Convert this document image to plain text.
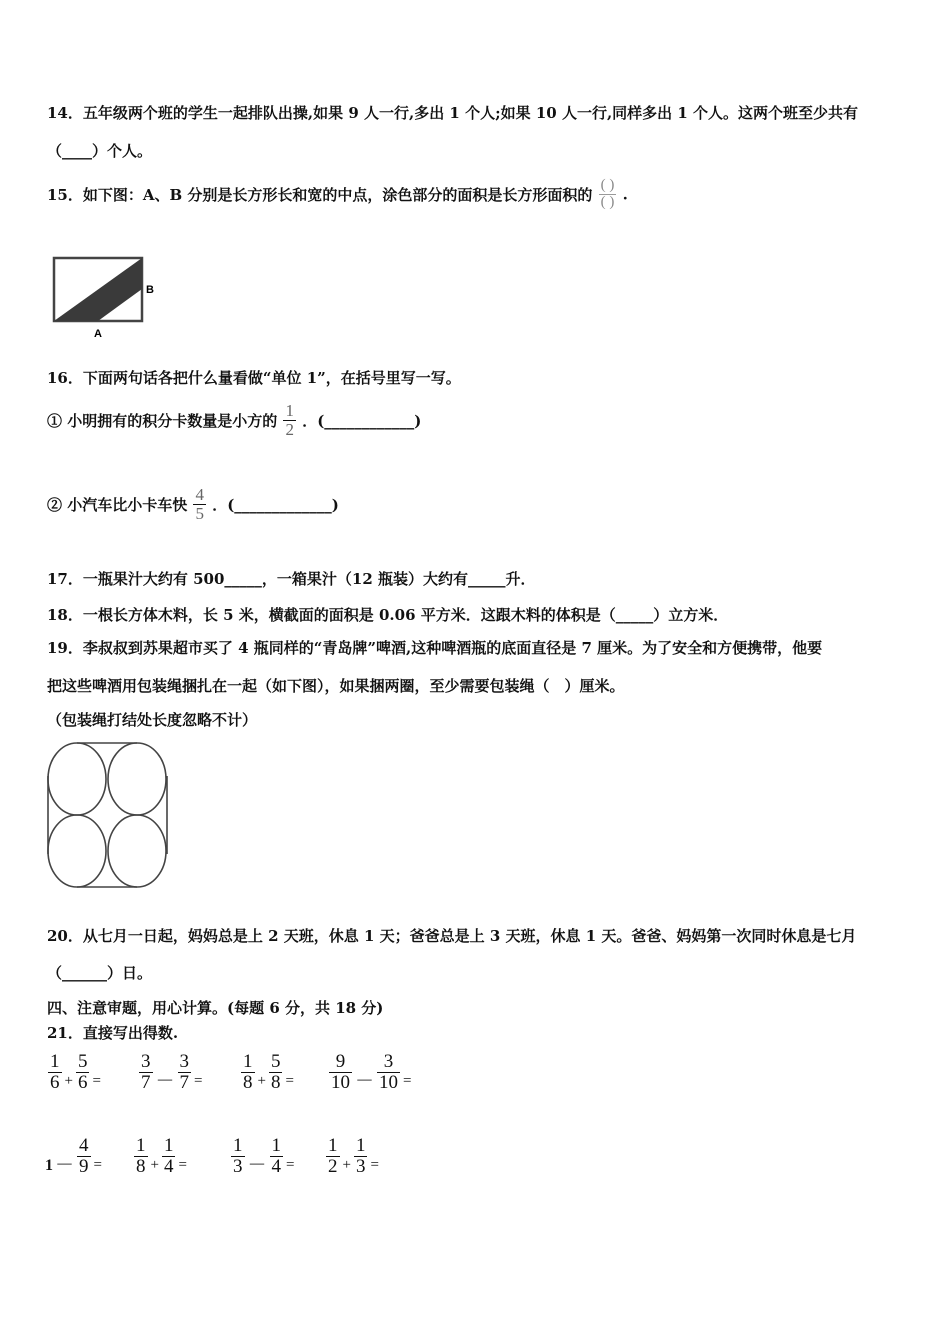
14．五年级两个班的学生一起排队出操,如果 9 人一行,多出 1 个人;如果 10 人一行,同样多出 1 个人。这两个班至少共有
（____）个人。
15．如下图：A、B 分别是长方形长和宽的中点，涂色部分的面积是长方形面积的 $\frac{( )}{( )}$ .
B
A
16．下面两句话各把什么量看做“单位 1”，在括号里写一写。
① 小明拥有的积分卡数量是小方的 $\frac{1}{2}$ ．(____________)
② 小汽车比小卡车快 $\frac{4}{5}$ ．(_____________)
17．一瓶果汁大约有 500_____，一箱果汁（12 瓶装）大约有_____升．
18．一根长方体木料，长 5 米，横截面的面积是 0.06 平方米．这跟木料的体积是（_____）立方米．
19．李叔叔到苏果超市买了 4 瓶同样的“青岛牌”啤酒,这种啤酒瓶的底面直径是 7 厘米。为了安全和方便携带，他要
把这些啤酒用包装绳捆扎在一起（如下图），如果捆两圈，至少需要包装绳（　）厘米。
（包装绳打结处长度忽略不计）
20．从七月一日起，妈妈总是上 2 天班，休息 1 天；爸爸总是上 3 天班，休息 1 天。爸爸、妈妈第一次同时休息是七月
（______）日。
四、注意审题，用心计算。(每题 6 分，共 18 分)
21．直接写出得数.
$\frac{1}{6} + \frac{5}{6} = \frac{3}{7} - \frac{3}{7} = \frac{1}{8} + \frac{5}{8} = \frac{9}{10} - \frac{3}{10}$ =
$1 - \frac{4}{9} = \frac{1}{8} + \frac{1}{4} = \frac{1}{3} - \frac{1}{4} = \frac{1}{2} + \frac{1}{3}$ =
